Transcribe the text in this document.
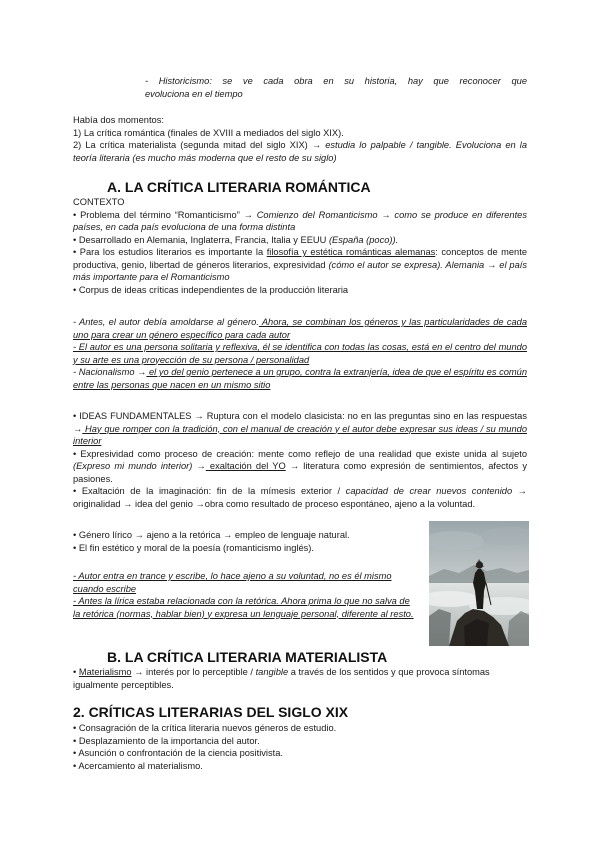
- Historicismo: se ve cada obra en su historia, hay que reconocer que

evoluciona en el tiempo

Había dos momentos:

1) La crítica romántica (finales de XVIII a mediados del siglo XIX).

2) La crítica materialista (segunda mitad del siglo XIX) → estudia lo palpable / tangible. Evoluciona en la teoría literaria (es mucho más moderna que el resto de su siglo)

A. LA CRÍTICA LITERARIA ROMÁNTICA

CONTEXTO

• Problema del término “Romanticismo” → Comienzo del Romanticismo → como se produce en diferentes países, en cada país evoluciona de una forma distinta

• Desarrollado en Alemania, Inglaterra, Francia, Italia y EEUU (España (poco)).

• Para los estudios literarios es importante la filosofía y estética románticas alemanas: conceptos de mente productiva, genio, libertad de géneros literarios, expresividad (cómo el autor se expresa). Alemania → el país más importante para el Romanticismo

• Corpus de ideas críticas independientes de la producción literaria

- Antes, el autor debía amoldarse al género. Ahora, se combinan los géneros y las particularidades de cada uno para crear un género específico para cada autor

- El autor es una persona solitaria y reflexiva, él se identifica con todas las cosas, está en el centro del mundo y su arte es una proyección de su persona / personalidad

- Nacionalismo → el yo del genio pertenece a un grupo, contra la extranjería, idea de que el espíritu es común entre las personas que nacen en un mismo sitio

• IDEAS FUNDAMENTALES → Ruptura con el modelo clasicista: no en las preguntas sino en las respuestas → Hay que romper con la tradición, con el manual de creación y el autor debe expresar sus ideas / su mundo interior

• Expresividad como proceso de creación: mente como reflejo de una realidad que existe unida al sujeto (Expreso mi mundo interior) → exaltación del YO → literatura como expresión de sentimientos, afectos y pasiones.

• Exaltación de la imaginación: fin de la mímesis exterior / capacidad de crear nuevos contenido → originalidad → idea del genio →obra como resultado de proceso espontáneo, ajeno a la voluntad.

• Género lírico → ajeno a la retórica → empleo de lenguaje natural.

• El fin estético y moral de la poesía (romanticismo inglés).

- Autor entra en trance y escribe, lo hace ajeno a su voluntad, no es él mismo cuando escribe

- Antes la lírica estaba relacionada con la retórica. Ahora prima lo que no salva de la retórica (normas, hablar bien) y expresa un lenguaje personal, diferente al resto.

B. LA CRÍTICA LITERARIA MATERIALISTA

• Materialismo → interés por lo perceptible / tangible a través de los sentidos y que provoca síntomas igualmente perceptibles.

2. CRÍTICAS LITERARIAS DEL SIGLO XIX

• Consagración de la crítica literaria nuevos géneros de estudio.

• Desplazamiento de la importancia del autor.

• Asunción o confrontación de la ciencia positivista.

• Acercamiento al materialismo.
